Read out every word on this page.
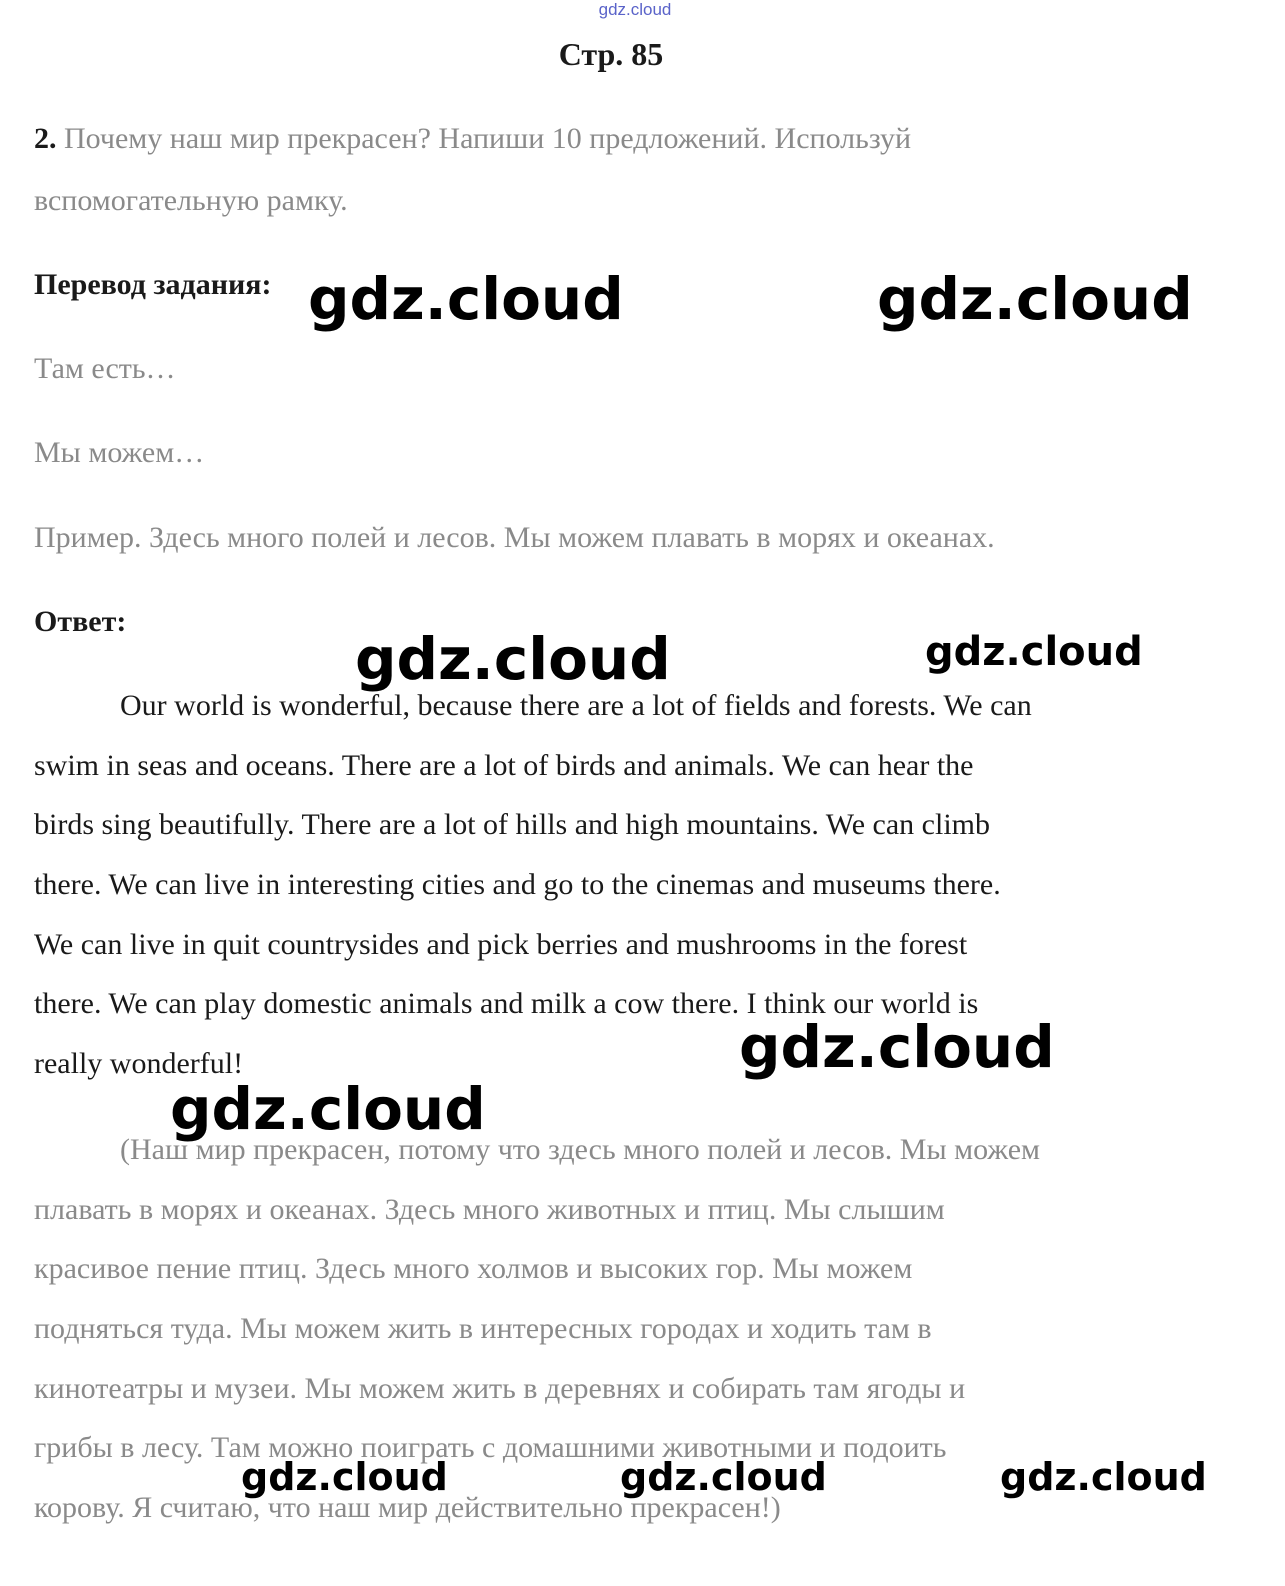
gdz.cloud
Стр. 85
2. Почему наш мир прекрасен? Напиши 10 предложений. Используй
вспомогательную рамку.
Перевод задания:
Там есть…
Мы можем…
Пример. Здесь много полей и лесов. Мы можем плавать в морях и океанах.
Ответ:
Our world is wonderful, because there are a lot of fields and forests. We can
swim in seas and oceans. There are a lot of birds and animals. We can hear the
birds sing beautifully. There are a lot of hills and high mountains. We can climb
there. We can live in interesting cities and go to the cinemas and museums there.
We can live in quit countrysides and pick berries and mushrooms in the forest
there. We can play domestic animals and milk a cow there. I think our world is
really wonderful!
(Наш мир прекрасен, потому что здесь много полей и лесов. Мы можем
плавать в морях и океанах. Здесь много животных и птиц. Мы слышим
красивое пение птиц. Здесь много холмов и высоких гор. Мы можем
подняться туда. Мы можем жить в интересных городах и ходить там в
кинотеатры и музеи. Мы можем жить в деревнях и собирать там ягоды и
грибы в лесу. Там можно поиграть с домашними животными и подоить
корову. Я считаю, что наш мир действительно прекрасен!)
gdz.cloud	gdz.cloud
gdz.cloud	gdz.cloud
gdz.cloud
gdz.cloud
gdz.cloud	gdz.cloud	gdz.cloud
